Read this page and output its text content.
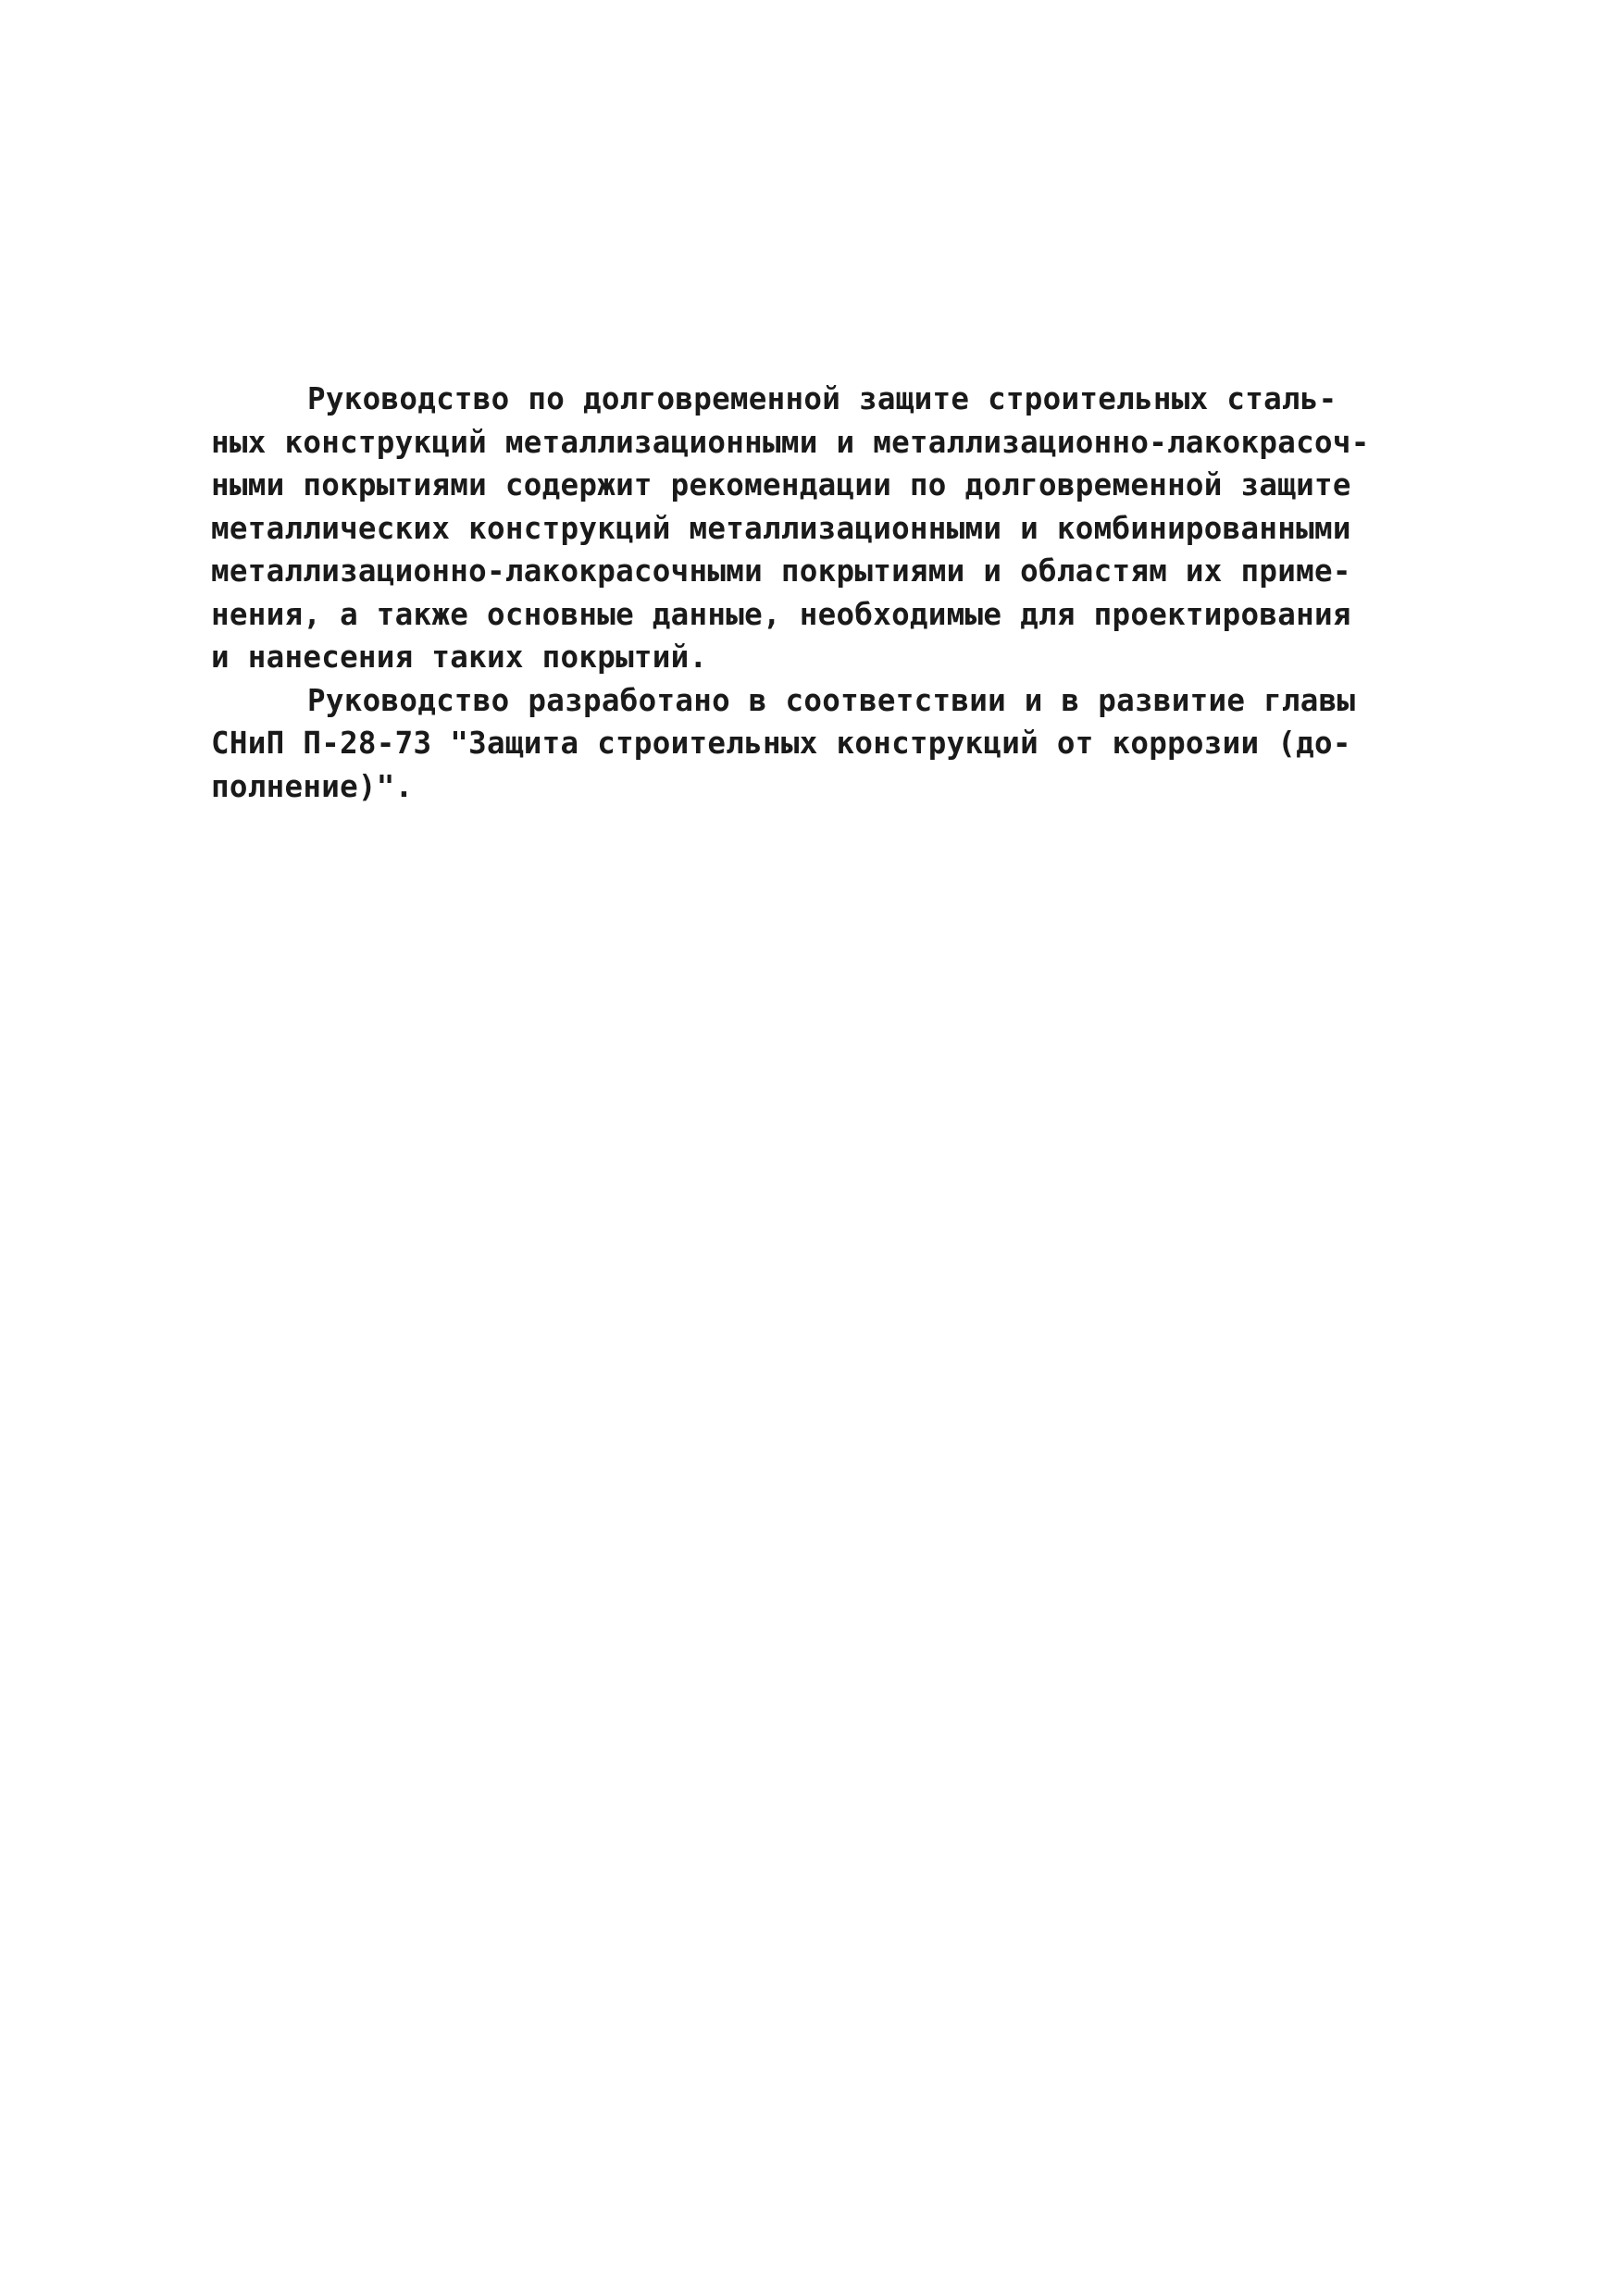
Руководство по долговременной защите строительных сталь-
ных конструкций металлизационными и металлизационно-лакокрасоч-
ными покрытиями содержит рекомендации по долговременной защите
металлических конструкций металлизационными и комбинированными
металлизационно-лакокрасочными покрытиями и областям их приме-
нения, а также основные данные, необходимые для проектирования
и нанесения таких покрытий.
Руководство разработано в соответствии и в развитие главы
СНиП П-28-73 "Защита строительных конструкций от коррозии (до-
полнение)".
